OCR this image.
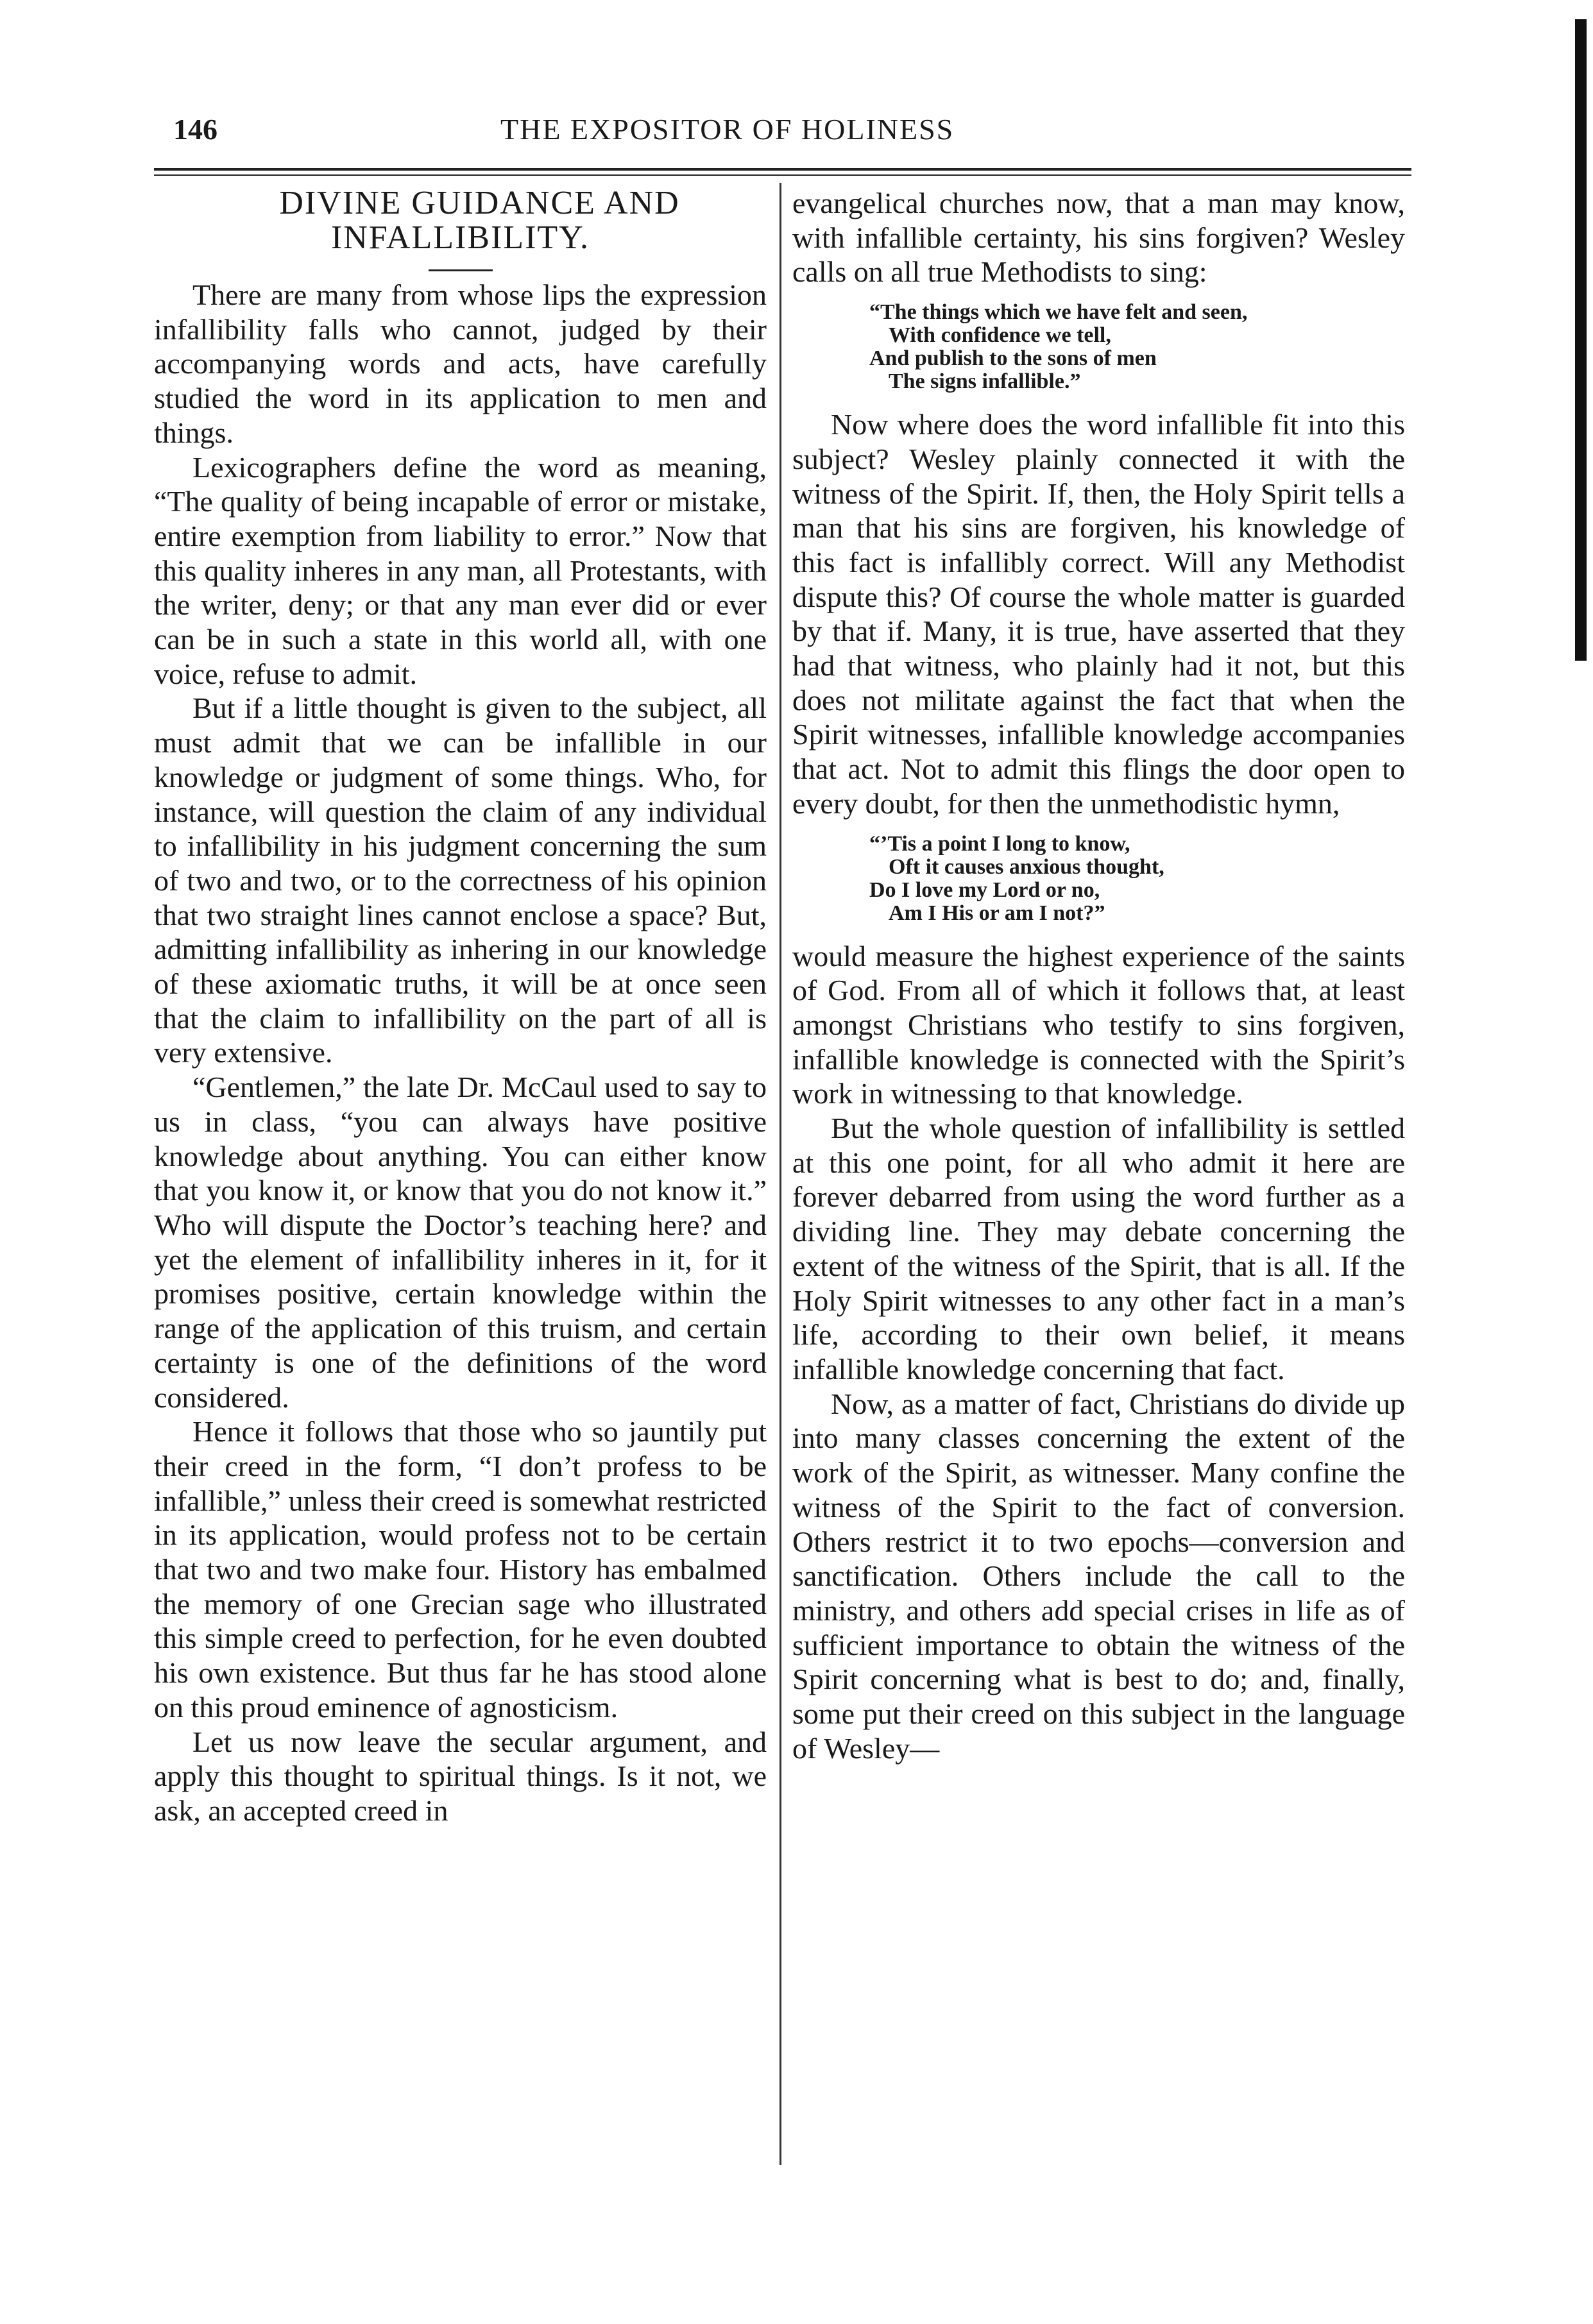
146	THE EXPOSITOR OF HOLINESS

DIVINE GUIDANCE AND INFALLIBILITY.

There are many from whose lips the expression infallibility falls who cannot, judged by their accompanying words and acts, have carefully studied the word in its application to men and things.

Lexicographers define the word as meaning, “The quality of being incapable of error or mistake, entire exemption from liability to error.” Now that this quality inheres in any man, all Protestants, with the writer, deny; or that any man ever did or ever can be in such a state in this world all, with one voice, refuse to admit.

But if a little thought is given to the subject, all must admit that we can be infallible in our knowledge or judgment of some things. Who, for instance, will question the claim of any individual to infallibility in his judgment concerning the sum of two and two, or to the correctness of his opinion that two straight lines cannot enclose a space? But, admitting infallibility as inhering in our knowledge of these axiomatic truths, it will be at once seen that the claim to infallibility on the part of all is very extensive.

“Gentlemen,” the late Dr. McCaul used to say to us in class, “you can always have positive knowledge about anything. You can either know that you know it, or know that you do not know it.” Who will dispute the Doctor’s teaching here? and yet the element of infallibility inheres in it, for it promises positive, certain knowledge within the range of the application of this truism, and certain certainty is one of the definitions of the word considered.

Hence it follows that those who so jauntily put their creed in the form, “I don’t profess to be infallible,” unless their creed is somewhat restricted in its application, would profess not to be certain that two and two make four. History has embalmed the memory of one Grecian sage who illustrated this simple creed to perfection, for he even doubted his own existence. But thus far he has stood alone on this proud eminence of agnosticism.

Let us now leave the secular argument, and apply this thought to spiritual things. Is it not, we ask, an accepted creed in

evangelical churches now, that a man may know, with infallible certainty, his sins forgiven? Wesley calls on all true Methodists to sing:

“The things which we have felt and seen,
With confidence we tell,
And publish to the sons of men
The signs infallible.”

Now where does the word infallible fit into this subject? Wesley plainly connected it with the witness of the Spirit. If, then, the Holy Spirit tells a man that his sins are forgiven, his knowledge of this fact is infallibly correct. Will any Methodist dispute this? Of course the whole matter is guarded by that if. Many, it is true, have asserted that they had that witness, who plainly had it not, but this does not militate against the fact that when the Spirit witnesses, infallible knowledge accompanies that act. Not to admit this flings the door open to every doubt, for then the unmethodistic hymn,

“’Tis a point I long to know,
Oft it causes anxious thought,
Do I love my Lord or no,
Am I His or am I not?”

would measure the highest experience of the saints of God. From all of which it follows that, at least amongst Christians who testify to sins forgiven, infallible knowledge is connected with the Spirit’s work in witnessing to that knowledge.

But the whole question of infallibility is settled at this one point, for all who admit it here are forever debarred from using the word further as a dividing line. They may debate concerning the extent of the witness of the Spirit, that is all. If the Holy Spirit witnesses to any other fact in a man’s life, according to their own belief, it means infallible knowledge concerning that fact.

Now, as a matter of fact, Christians do divide up into many classes concerning the extent of the work of the Spirit, as witnesser. Many confine the witness of the Spirit to the fact of conversion. Others restrict it to two epochs—conversion and sanctification. Others include the call to the ministry, and others add special crises in life as of sufficient importance to obtain the witness of the Spirit concerning what is best to do; and, finally, some put their creed on this subject in the language of Wesley—
